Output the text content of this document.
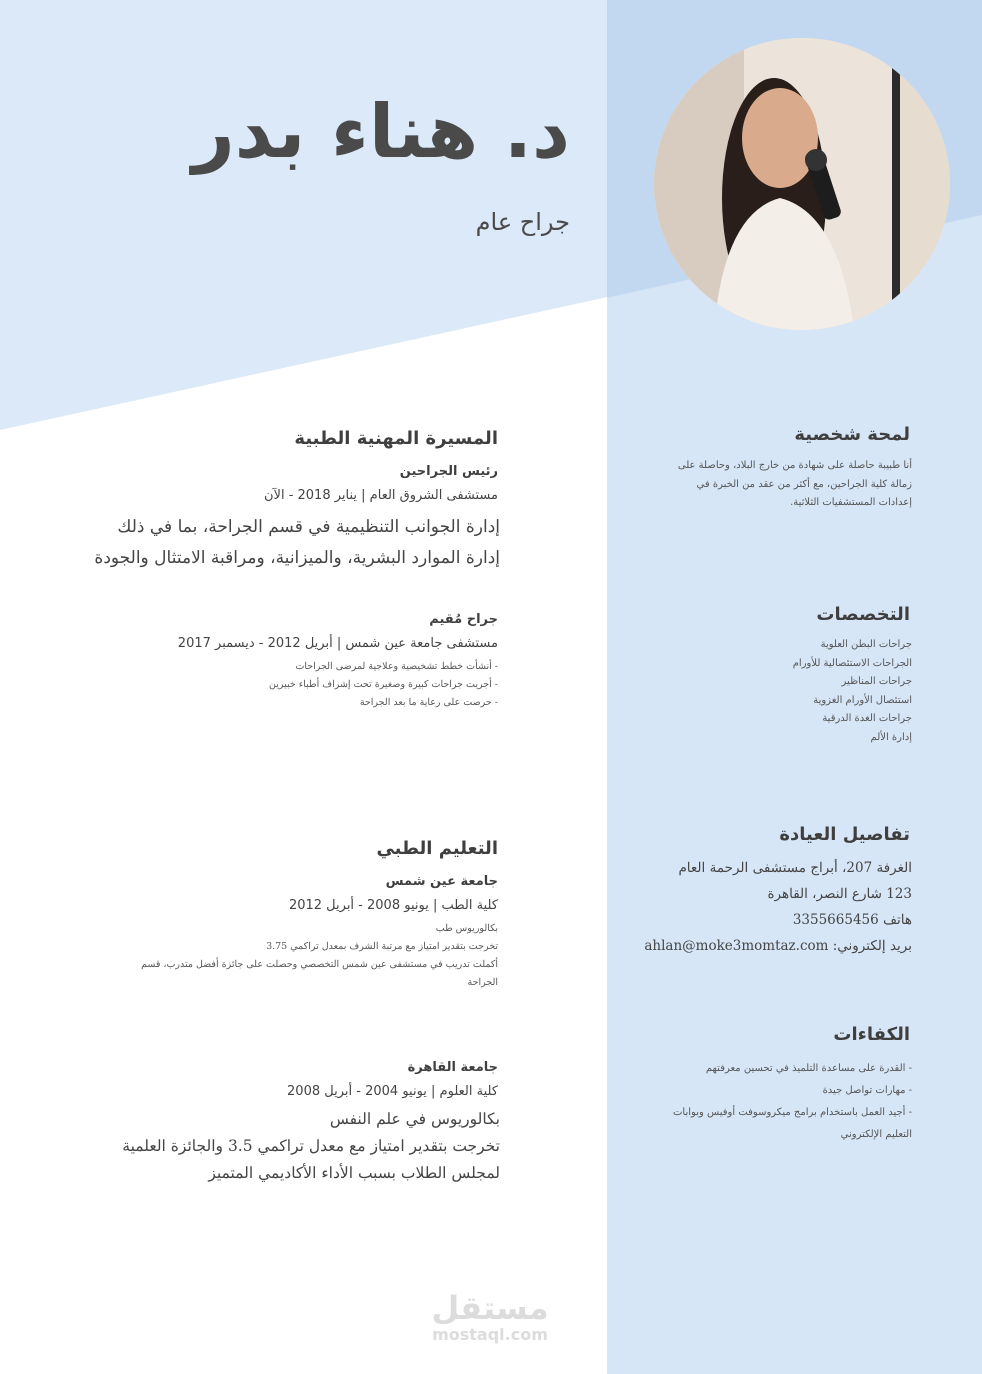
د. هناء بدر
جراح عام
لمحة شخصية
أنا طبيبة حاصلة على شهادة من خارج البلاد، وحاصلة على
زمالة كلية الجراحين، مع أكثر من عقد من الخبرة في
إعدادات المستشفيات الثلاثية.
التخصصات
جراحات البطن العلوية
الجراحات الاستئصالية للأورام
جراحات المناظير
استئصال الأورام الغزوية
جراحات الغدة الدرقية
إدارة الألم
تفاصيل العيادة
الغرفة 207، أبراج مستشفى الرحمة العام
123 شارع النصر، القاهرة
هاتف 3355665456
بريد إلكتروني: ahlan@moke3momtaz.com
الكفاءات
- القدرة على مساعدة التلميذ في تحسين معرفتهم
- مهارات تواصل جيدة
- أجيد العمل باستخدام برامج ميكروسوفت أوفيس وبوابات
التعليم الإلكتروني
المسيرة المهنية الطبية
رئيس الجراحين
مستشفى الشروق العام | يناير 2018 - الآن
إدارة الجوانب التنظيمية في قسم الجراحة، بما في ذلك
إدارة الموارد البشرية، والميزانية، ومراقبة الامتثال والجودة
جراح مُقيم
مستشفى جامعة عين شمس | أبريل 2012 - ديسمبر 2017
- أنشأت خطط تشخيصية وعلاجية لمرضى الجراحات
- أجريت جراحات كبيرة وصغيرة تحت إشراف أطباء خبيرين
- حرصت على رعاية ما بعد الجراحة
التعليم الطبي
جامعة عين شمس
كلية الطب | يونيو 2008 - أبريل 2012
بكالوريوس طب
تخرجت بتقدير امتياز مع مرتبة الشرف بمعدل تراكمي 3.75
أكملت تدريب في مستشفى عين شمس التخصصي وحصلت على جائزة أفضل متدرب، قسم
الجراحة
جامعة القاهرة
كلية العلوم | يونيو 2004 - أبريل 2008
بكالوريوس في علم النفس
تخرجت بتقدير امتياز مع معدل تراكمي 3.5 والجائزة العلمية
لمجلس الطلاب بسبب الأداء الأكاديمي المتميز
مستقل
mostaql.com
